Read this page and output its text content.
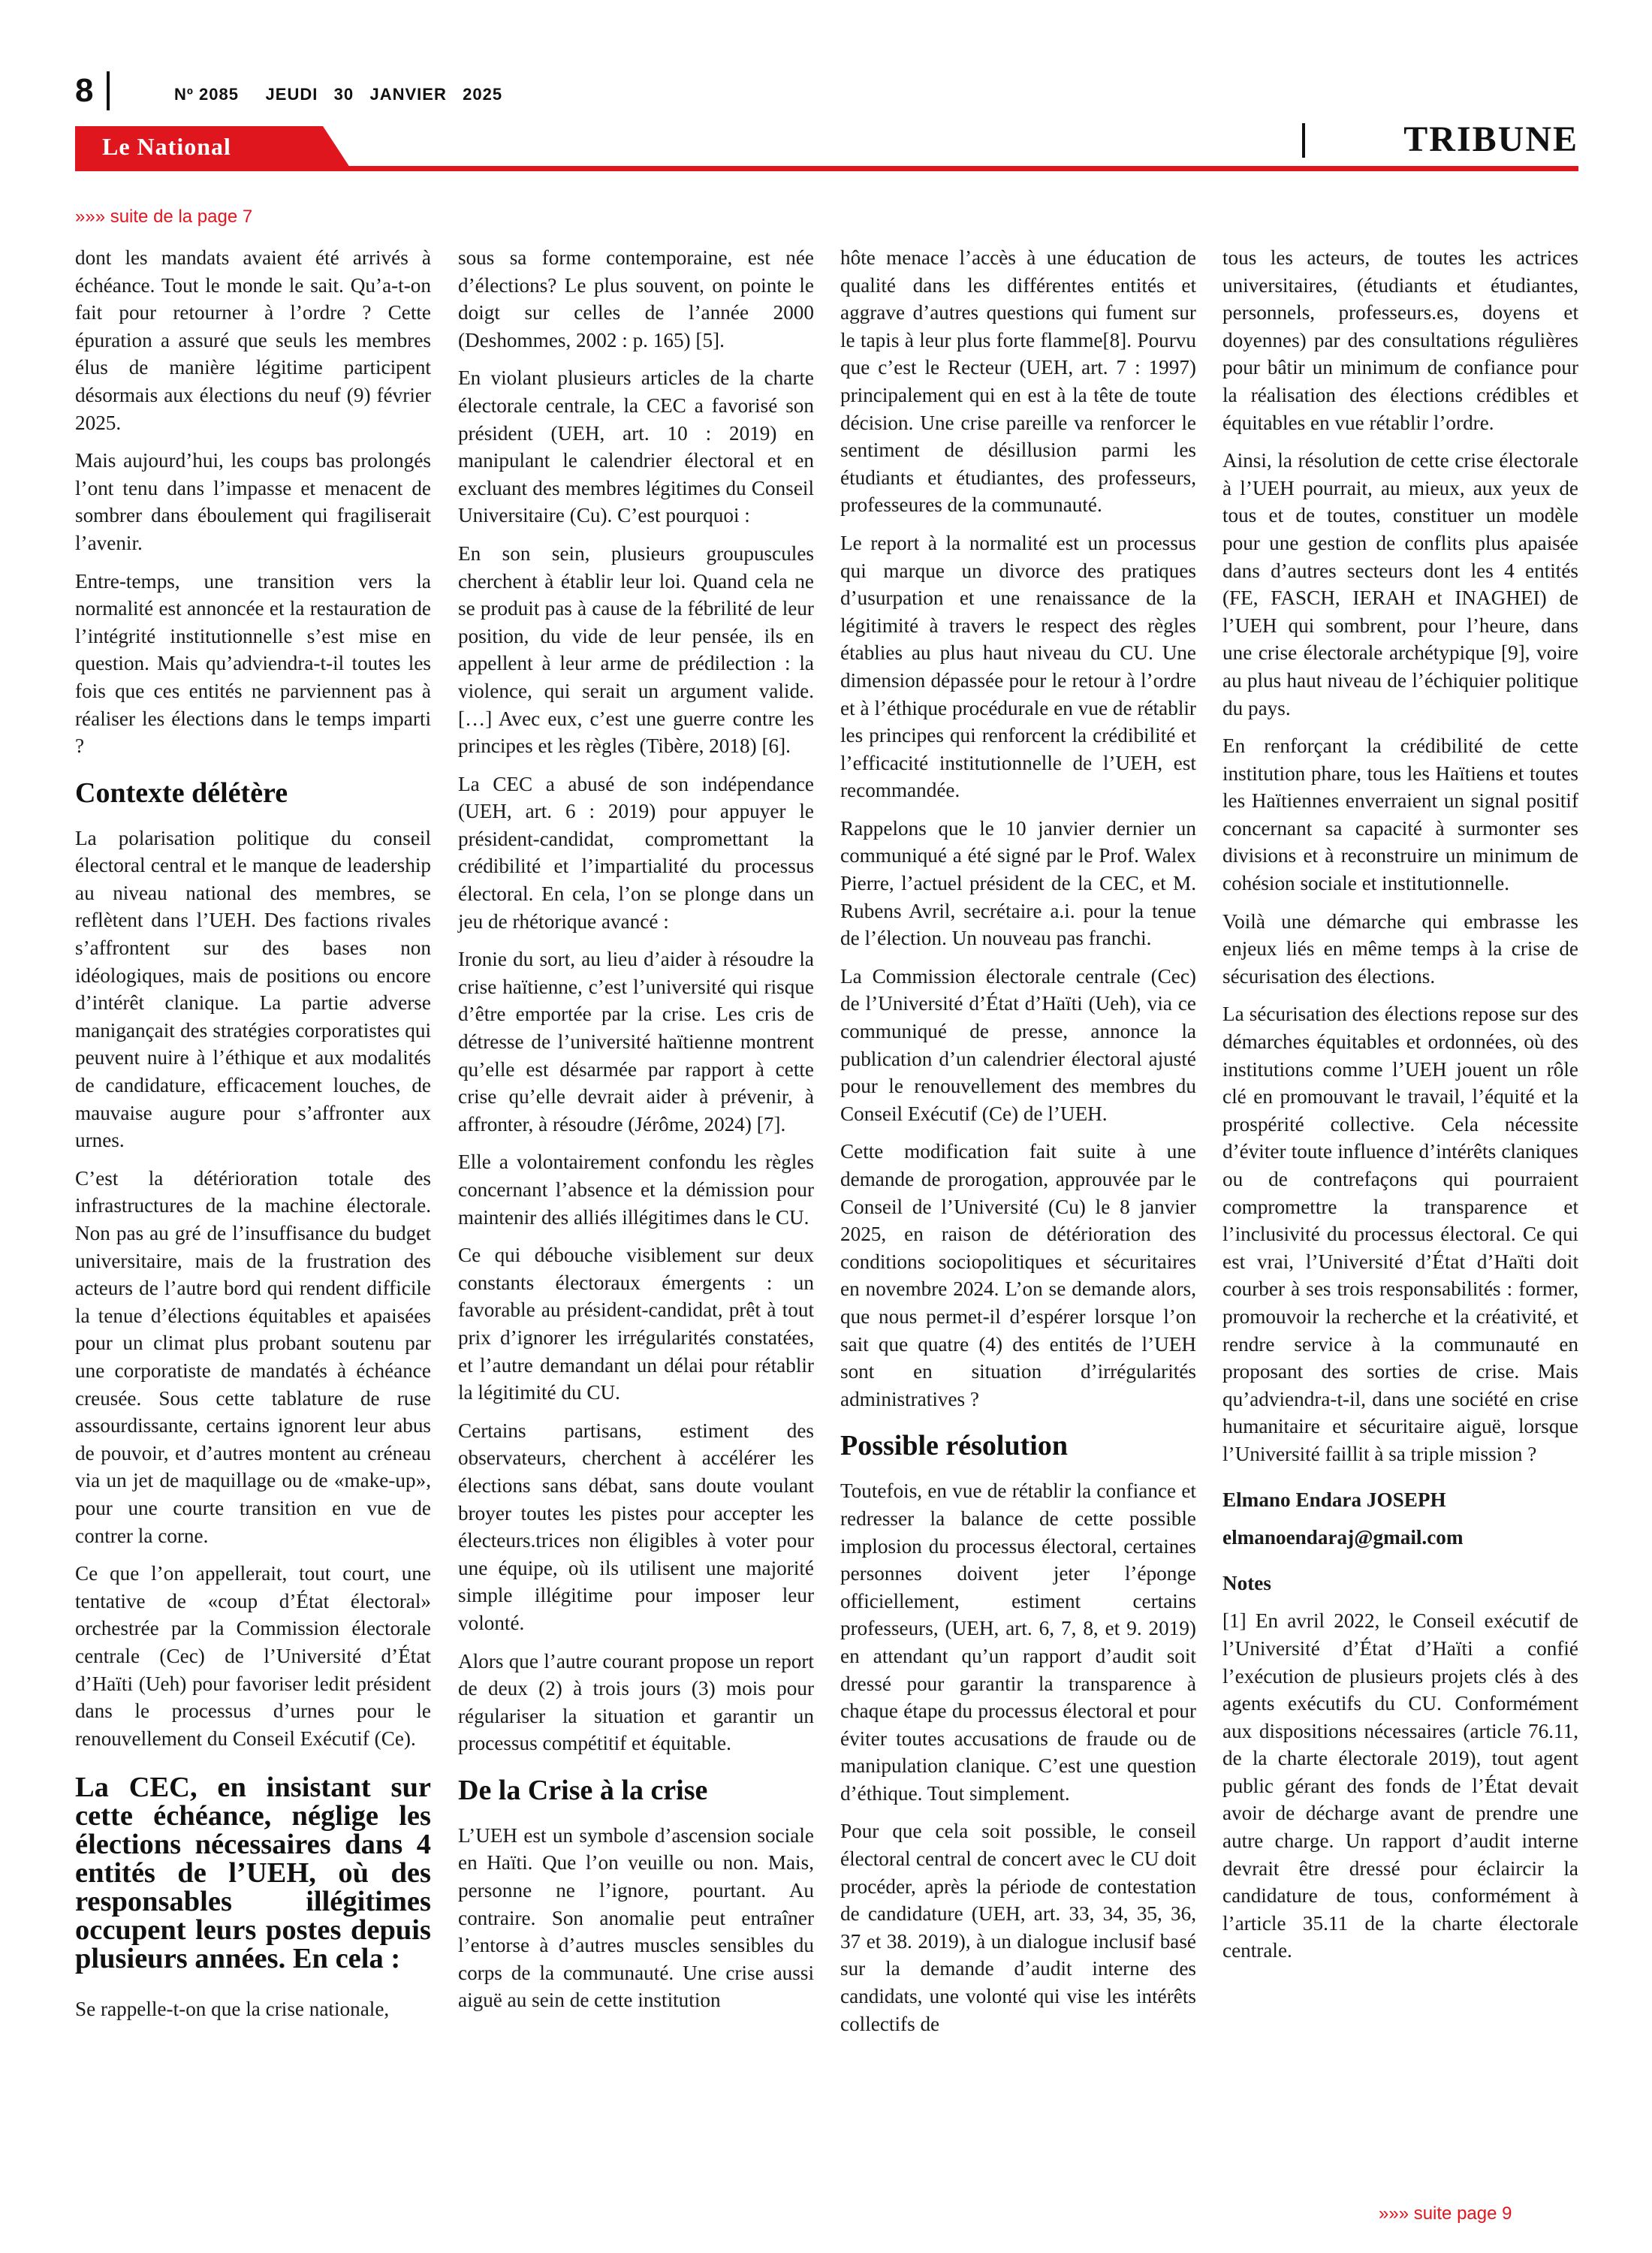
8	Nº 2085     JEUDI   30   JANVIER   2025
Le National	TRIBUNE
»»» suite de la page 7

dont les mandats avaient été arrivés à échéance. Tout le monde le sait. Qu’a-t-on fait pour retourner à l’ordre ? Cette épuration a assuré que seuls les membres élus de manière légitime participent désormais aux élections du neuf (9) février 2025.

Mais aujourd’hui, les coups bas prolongés l’ont tenu dans l’impasse et menacent de sombrer dans éboulement qui fragiliserait l’avenir.

Entre-temps, une transition vers la normalité est annoncée et la restauration de l’intégrité institutionnelle s’est mise en question. Mais qu’adviendra-t-il toutes les fois que ces entités ne parviennent pas à réaliser les élections dans le temps imparti ?

Contexte délétère

La polarisation politique du conseil électoral central et le manque de leadership au niveau national des membres, se reflètent dans l’UEH. Des factions rivales s’affrontent sur des bases non idéologiques, mais de positions ou encore d’intérêt clanique. La partie adverse manigançait des stratégies corporatistes qui peuvent nuire à l’éthique et aux modalités de candidature, efficacement louches, de mauvaise augure pour s’affronter aux urnes.

C’est la détérioration totale des infrastructures de la machine électorale. Non pas au gré de l’insuffisance du budget universitaire, mais de la frustration des acteurs de l’autre bord qui rendent difficile la tenue d’élections équitables et apaisées pour un climat plus probant soutenu par une corporatiste de mandatés à échéance creusée. Sous cette tablature de ruse assourdissante, certains ignorent leur abus de pouvoir, et d’autres montent au créneau via un jet de maquillage ou de «make-up», pour une courte transition en vue de contrer la corne.

Ce que l’on appellerait, tout court, une tentative de «coup d’État électoral» orchestrée par la Commission électorale centrale (Cec) de l’Université d’État d’Haïti (Ueh) pour favoriser ledit président dans le processus d’urnes pour le renouvellement du Conseil Exécutif (Ce).

La CEC, en insistant sur cette échéance, néglige les élections nécessaires dans 4 entités de l’UEH, où des responsables illégitimes occupent leurs postes depuis plusieurs années. En cela :

Se rappelle-t-on que la crise nationale,

sous sa forme contemporaine, est née d’élections? Le plus souvent, on pointe le doigt sur celles de l’année 2000 (Deshommes, 2002 : p. 165) [5].

En violant plusieurs articles de la charte électorale centrale, la CEC a favorisé son président (UEH, art. 10 : 2019) en manipulant le calendrier électoral et en excluant des membres légitimes du Conseil Universitaire (Cu). C’est pourquoi :

En son sein, plusieurs groupuscules cherchent à établir leur loi. Quand cela ne se produit pas à cause de la fébrilité de leur position, du vide de leur pensée, ils en appellent à leur arme de prédilection : la violence, qui serait un argument valide. […] Avec eux, c’est une guerre contre les principes et les règles (Tibère, 2018) [6].

La CEC a abusé de son indépendance (UEH, art. 6 : 2019) pour appuyer le président-candidat, compromettant la crédibilité et l’impartialité du processus électoral. En cela, l’on se plonge dans un jeu de rhétorique avancé :

Ironie du sort, au lieu d’aider à résoudre la crise haïtienne, c’est l’université qui risque d’être emportée par la crise. Les cris de détresse de l’université haïtienne montrent qu’elle est désarmée par rapport à cette crise qu’elle devrait aider à prévenir, à affronter, à résoudre (Jérôme, 2024) [7].

Elle a volontairement confondu les règles concernant l’absence et la démission pour maintenir des alliés illégitimes dans le CU.

Ce qui débouche visiblement sur deux constants électoraux émergents : un favorable au président-candidat, prêt à tout prix d’ignorer les irrégularités constatées, et l’autre demandant un délai pour rétablir la légitimité du CU.

Certains partisans, estiment des observateurs, cherchent à accélérer les élections sans débat, sans doute voulant broyer toutes les pistes pour accepter les électeurs.trices non éligibles à voter pour une équipe, où ils utilisent une majorité simple illégitime pour imposer leur volonté.

Alors que l’autre courant propose un report de deux (2) à trois jours (3) mois pour régulariser la situation et garantir un processus compétitif et équitable.

De la Crise à la crise

L’UEH est un symbole d’ascension sociale en Haïti. Que l’on veuille ou non. Mais, personne ne l’ignore, pourtant. Au contraire. Son anomalie peut entraîner l’entorse à d’autres muscles sensibles du corps de la communauté. Une crise aussi aiguë au sein de cette institution

hôte menace l’accès à une éducation de qualité dans les différentes entités et aggrave d’autres questions qui fument sur le tapis à leur plus forte flamme[8]. Pourvu que c’est le Recteur (UEH, art. 7 : 1997) principalement qui en est à la tête de toute décision. Une crise pareille va renforcer le sentiment de désillusion parmi les étudiants et étudiantes, des professeurs, professeures de la communauté.

Le report à la normalité est un processus qui marque un divorce des pratiques d’usurpation et une renaissance de la légitimité à travers le respect des règles établies au plus haut niveau du CU. Une dimension dépassée pour le retour à l’ordre et à l’éthique procédurale en vue de rétablir les principes qui renforcent la crédibilité et l’efficacité institutionnelle de l’UEH, est recommandée.

Rappelons que le 10 janvier dernier un communiqué a été signé par le Prof. Walex Pierre, l’actuel président de la CEC, et M. Rubens Avril, secrétaire a.i. pour la tenue de l’élection. Un nouveau pas franchi.

La Commission électorale centrale (Cec) de l’Université d’État d’Haïti (Ueh), via ce communiqué de presse, annonce la publication d’un calendrier électoral ajusté pour le renouvellement des membres du Conseil Exécutif (Ce) de l’UEH.

Cette modification fait suite à une demande de prorogation, approuvée par le Conseil de l’Université (Cu) le 8 janvier 2025, en raison de détérioration des conditions sociopolitiques et sécuritaires en novembre 2024. L’on se demande alors, que nous permet-il d’espérer lorsque l’on sait que quatre (4) des entités de l’UEH sont en situation d’irrégularités administratives ?

Possible résolution

Toutefois, en vue de rétablir la confiance et redresser la balance de cette possible implosion du processus électoral, certaines personnes doivent jeter l’éponge officiellement, estiment certains professeurs, (UEH, art. 6, 7, 8, et 9. 2019) en attendant qu’un rapport d’audit soit dressé pour garantir la transparence à chaque étape du processus électoral et pour éviter toutes accusations de fraude ou de manipulation clanique. C’est une question d’éthique. Tout simplement.

Pour que cela soit possible, le conseil électoral central de concert avec le CU doit procéder, après la période de contestation de candidature (UEH, art. 33, 34, 35, 36, 37 et 38. 2019), à un dialogue inclusif basé sur la demande d’audit interne des candidats, une volonté qui vise les intérêts collectifs de

tous les acteurs, de toutes les actrices universitaires, (étudiants et étudiantes, personnels, professeurs.es, doyens et doyennes) par des consultations régulières pour bâtir un minimum de confiance pour la réalisation des élections crédibles et équitables en vue rétablir l’ordre.

Ainsi, la résolution de cette crise électorale à l’UEH pourrait, au mieux, aux yeux de tous et de toutes, constituer un modèle pour une gestion de conflits plus apaisée dans d’autres secteurs dont les 4 entités (FE, FASCH, IERAH et INAGHEI) de l’UEH qui sombrent, pour l’heure, dans une crise électorale archétypique [9], voire au plus haut niveau de l’échiquier politique du pays.

En renforçant la crédibilité de cette institution phare, tous les Haïtiens et toutes les Haïtiennes enverraient un signal positif concernant sa capacité à surmonter ses divisions et à reconstruire un minimum de cohésion sociale et institutionnelle.

Voilà une démarche qui embrasse les enjeux liés en même temps à la crise de sécurisation des élections.

La sécurisation des élections repose sur des démarches équitables et ordonnées, où des institutions comme l’UEH jouent un rôle clé en promouvant le travail, l’équité et la prospérité collective. Cela nécessite d’éviter toute influence d’intérêts claniques ou de contrefaçons qui pourraient compromettre la transparence et l’inclusivité du processus électoral. Ce qui est vrai, l’Université d’État d’Haïti doit courber à ses trois responsabilités : former, promouvoir la recherche et la créativité, et rendre service à la communauté en proposant des sorties de crise. Mais qu’adviendra-t-il, dans une société en crise humanitaire et sécuritaire aiguë, lorsque l’Université faillit à sa triple mission ?

Elmano Endara JOSEPH

elmanoendaraj@gmail.com

Notes

[1] En avril 2022, le Conseil exécutif de l’Université d’État d’Haïti a confié l’exécution de plusieurs projets clés à des agents exécutifs du CU. Conformément aux dispositions nécessaires (article 76.11, de la charte électorale 2019), tout agent public gérant des fonds de l’État devait avoir de décharge avant de prendre une autre charge. Un rapport d’audit interne devrait être dressé pour éclaircir la candidature de tous, conformément à l’article 35.11 de la charte électorale centrale.

»»» suite page 9
